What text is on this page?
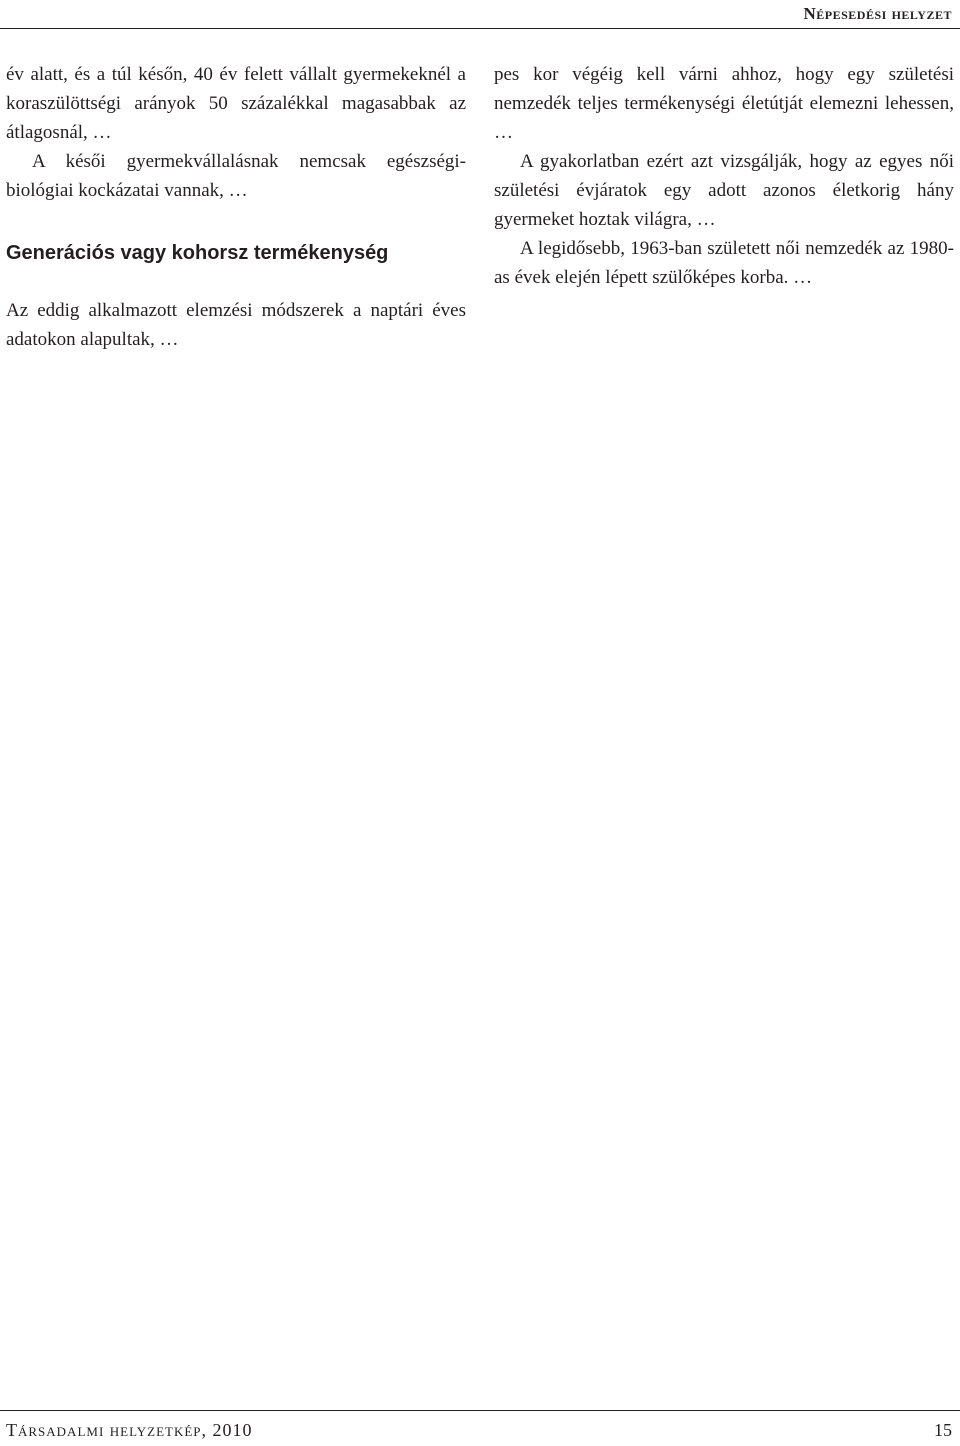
Népesedési helyzet

év alatt, és a túl későn, 40 év felett vállalt gyermekeknél a koraszülöttségi arányok 50 százalékkal magasabbak az átlagosnál, …

A késői gyermekvállalásnak nemcsak egészségi-biológiai kockázatai vannak, …

Generációs vagy kohorsz termékenység

Az eddig alkalmazott elemzési módszerek a naptári éves adatokon alapultak, …

pes kor végéig kell várni ahhoz, hogy egy születési nemzedék teljes termékenységi életútját elemezni lehessen, …

A gyakorlatban ezért azt vizsgálják, hogy az egyes női születési évjáratok egy adott azonos életkorig hány gyermeket hoztak világra, …

A legidősebb, 1963-ban született női nemzedék az 1980-as évek elején lépett szülőképes korba. …

Társadalmi helyzetkép, 2010	15
